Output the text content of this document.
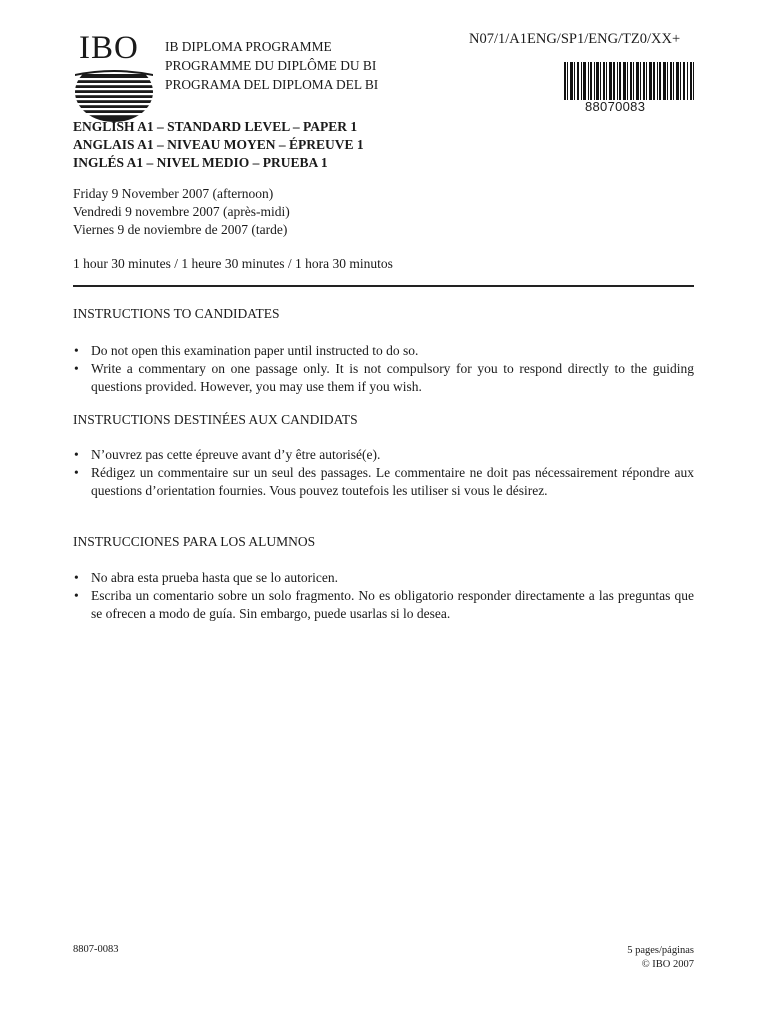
IBO IB DIPLOMA PROGRAMME
PROGRAMME DU DIPLÔME DU BI
PROGRAMA DEL DIPLOMA DEL BI
N07/1/A1ENG/SP1/ENG/TZ0/XX+
88070083
ENGLISH A1 – STANDARD LEVEL – PAPER 1
ANGLAIS A1 – NIVEAU MOYEN – ÉPREUVE 1
INGLÉS A1 – NIVEL MEDIO – PRUEBA 1
Friday 9 November 2007 (afternoon)
Vendredi 9 novembre 2007 (après-midi)
Viernes 9 de noviembre de 2007 (tarde)
1 hour 30 minutes / 1 heure 30 minutes / 1 hora 30 minutos
INSTRUCTIONS TO CANDIDATES
• Do not open this examination paper until instructed to do so.
• Write a commentary on one passage only. It is not compulsory for you to respond directly to the guiding questions provided. However, you may use them if you wish.
INSTRUCTIONS DESTINÉES AUX CANDIDATS
• N’ouvrez pas cette épreuve avant d’y être autorisé(e).
• Rédigez un commentaire sur un seul des passages. Le commentaire ne doit pas nécessairement répondre aux questions d’orientation fournies. Vous pouvez toutefois les utiliser si vous le désirez.
INSTRUCCIONES PARA LOS ALUMNOS
• No abra esta prueba hasta que se lo autoricen.
• Escriba un comentario sobre un solo fragmento. No es obligatorio responder directamente a las preguntas que se ofrecen a modo de guía. Sin embargo, puede usarlas si lo desea.
8807-0083	5 pages/páginas
© IBO 2007
